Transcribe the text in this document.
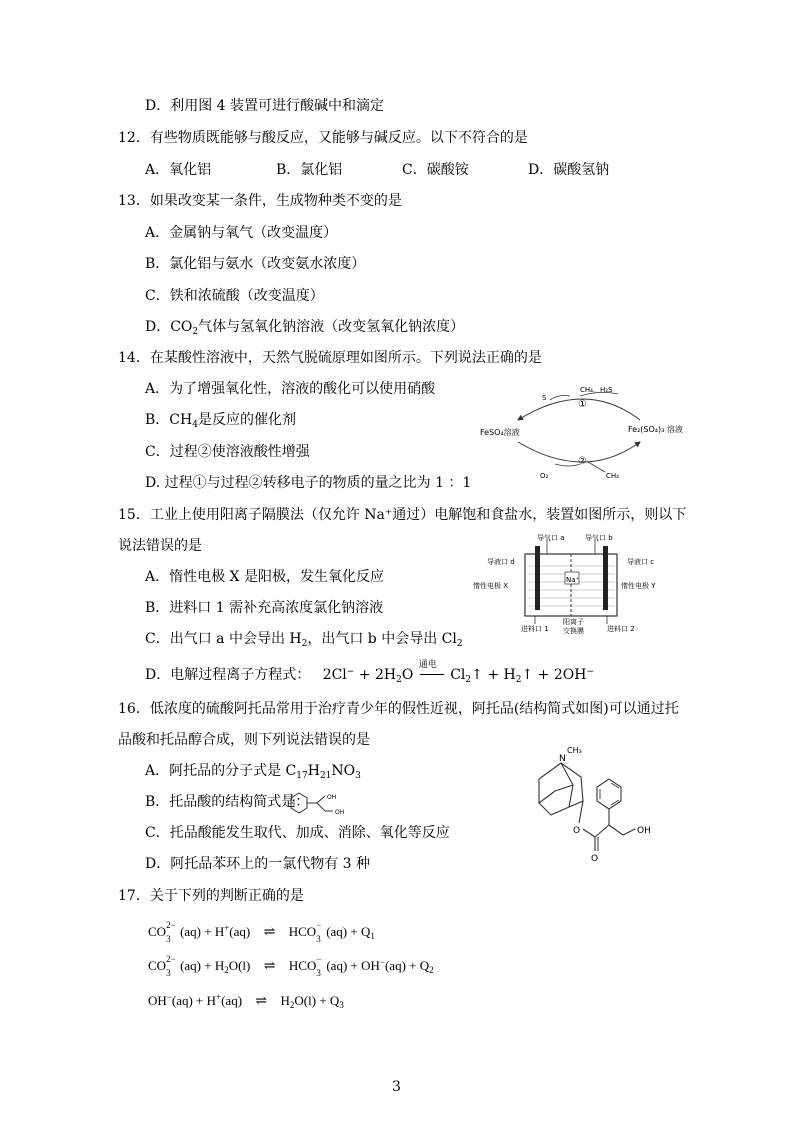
D．利用图 4 装置可进行酸碱中和滴定
12．有些物质既能够与酸反应，又能够与碱反应。以下不符合的是
A．氧化铝	B．氯化铝	C．碳酸铵	D．碳酸氢钠
13．如果改变某一条件，生成物种类不变的是
A．金属钠与氧气（改变温度）
B．氯化铝与氨水（改变氨水浓度）
C．铁和浓硫酸（改变温度）
D．$CO_2$气体与氢氧化钠溶液（改变氢氧化钠浓度）
14．在某酸性溶液中，天然气脱硫原理如图所示。下列说法正确的是
A．为了增强氧化性，溶液的酸化可以使用硝酸
B．$CH_4$是反应的催化剂
C．过程②使溶液酸性增强
D. 过程①与过程②转移电子的物质的量之比为 1 ：1
CH₄、H₂S
S
①
②
FeSO₄溶液	Fe₂(SO₄)₃ 溶液
O₂	CH₄
15．工业上使用阳离子隔膜法（仅允许 Na⁺通过）电解饱和食盐水，装置如图所示，则以下
说法错误的是
A．惰性电极 X 是阳极，发生氧化反应
B．进料口 1 需补充高浓度氯化钠溶液
C．出气口 a 中会导出 $H_2$，出气口 b 中会导出 $Cl_2$
D．电解过程离子方程式： $2Cl^- + 2H_2O$
通电
$Cl_2↑$ + $H_2↑ + 2OH^-$
Na⁺
导气口 a	导气口 b
导液口 d	导液口 c
惰性电极 X	惰性电极 Y
阳离子
交换膜
进料口 1	进料口 2
16．低浓度的硫酸阿托品常用于治疗青少年的假性近视，阿托品(结构简式如图)可以通过托
品酸和托品醇合成，则下列说法错误的是
A．阿托品的分子式是 $C_{17}H_{21}NO_3$
B．托品酸的结构简式是：	OH
OH
C．托品酸能发生取代、加成、消除、氧化等反应
D．阿托品苯环上的一氯代物有 3 种
N
CH₃
O
O
OH
17．关于下列的判断正确的是
CO 2−
3 (aq) + H+(aq) ⇌ HCO −
3 $(aq) + Q_1$
CO 2−
3 $(aq) + H_2O(l)$ ⇌ HCO −
3 $(aq) + OH^-(aq) + Q_2$
OH−(aq) + H+(aq) ⇌ $H_2O(l) + Q_3$
3
